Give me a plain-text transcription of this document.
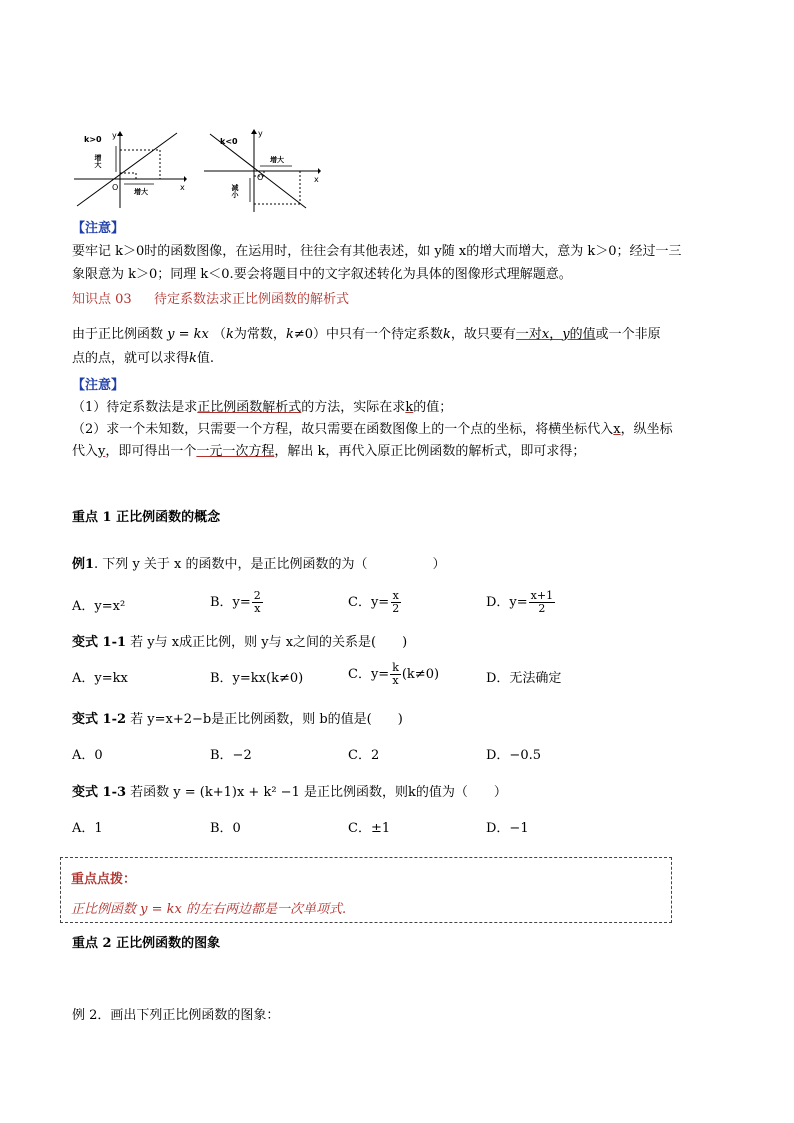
k>0 y
x
O
增大
增大
k<0
y
x
O
减小
增大
【注意】
要牢记 k＞0时的函数图像，在运用时，往往会有其他表述，如 y随 x的增大而增大，意为 k＞0；经过一三
象限意为 k＞0；同理 k＜0.要会将题目中的文字叙述转化为具体的图像形式理解题意。
知识点 03 待定系数法求正比例函数的解析式
由于正比例函数 y = kx （k为常数，k≠0）中只有一个待定系数k，故只要有一对x，y的值或一个非原
点的点，就可以求得k值.
【注意】
（1）待定系数法是求正比例函数解析式的方法，实际在求k的值；
（2）求一个未知数，只需要一个方程，故只需要在函数图像上的一个点的坐标，将横坐标代入x，纵坐标
代入y，即可得出一个一元一次方程，解出 k，再代入原正比例函数的解析式，即可求得；
重点 1 正比例函数的概念
例1. 下列 y 关于 x 的函数中，是正比例函数的为（　　　　　）
A．y=x²	B．$y= \frac{2}{x}$	C．$y= \frac{x}{2}$	D．$y= \frac{x+1}{2}$
变式 1-1 若 y与 x成正比例，则 y与 x之间的关系是(　　)
A．y=kx	B．y=kx(k≠0)	C．$y= \frac{k}{x} (k\ne 0)$	D．无法确定
变式 1-2 若 y=x+2−b是正比例函数，则 b的值是(　　)
A．0	B．−2	C．2	D．−0.5
变式 1-3 若函数 y = (k+1)x + k² −1 是正比例函数，则k的值为（　　）
A．1	B．0	C．±1	D．−1
重点点拨：
正比例函数 y = kx 的左右两边都是一次单项式.
重点 2 正比例函数的图象
例 2．画出下列正比例函数的图象：
